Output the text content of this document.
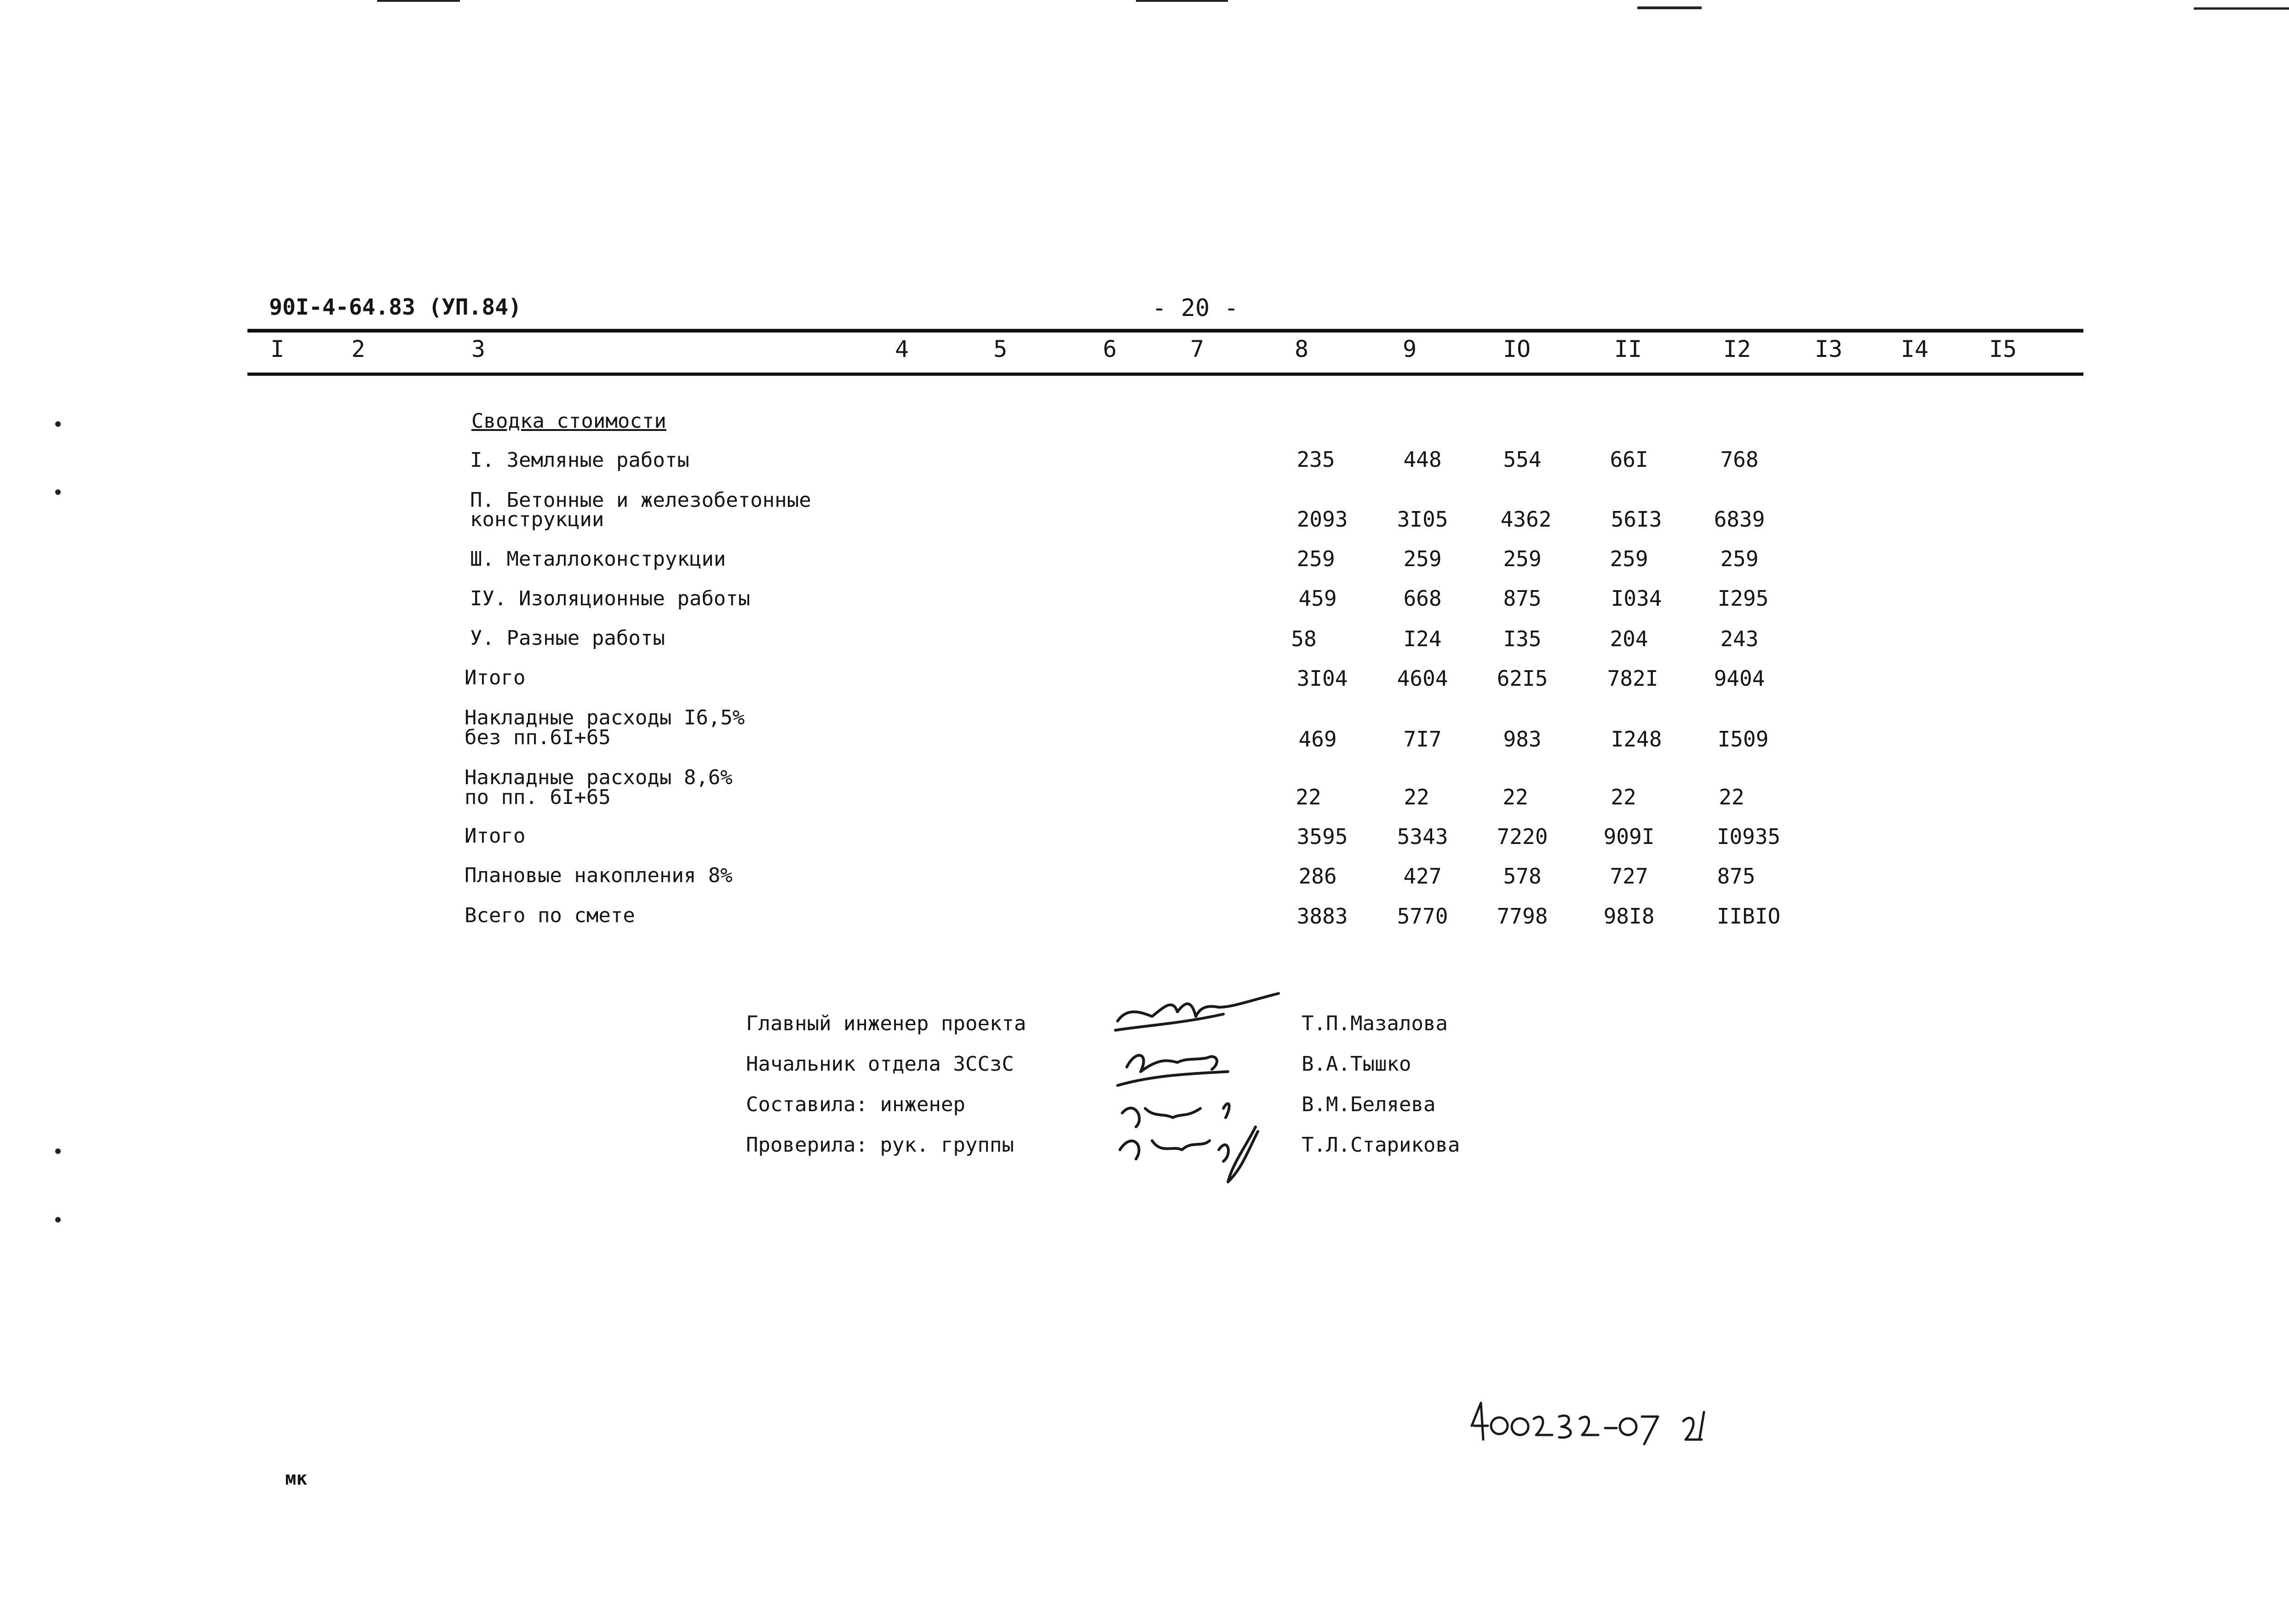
90I-4-64.83 (УП.84)	- 20 -
I	2	3	4	5	6	7	8	9	IO	II	I2	I3	I4	I5
Сводка стоимости
I. Земляные работы	235	448	554	66I	768
П. Бетонные и железобетонные
конструкции	2093	3I05	4362	56I3	6839
Ш. Металлоконструкции	259	259	259	259	259
IУ. Изоляционные работы	459	668	875	I034	I295
У. Разные работы	58	I24	I35	204	243
Итого	3I04	4604	62I5	782I	9404
Накладные расходы I6,5%
без пп.6I+65	469	7I7	983	I248	I509
Накладные расходы 8,6%
по пп. 6I+65	22	22	22	22	22
Итого	3595	5343	7220	909I	I0935
Плановые накопления 8%	286	427	578	727	875
Всего по смете	3883	5770	7798	98I8	IIBIO
Главный инженер проекта	Т.П.Мазалова
Начальник отдела ЗССзС	В.А.Тышко
Составила: инженер	В.М.Беляева
Проверила: рук. группы	Т.Л.Старикова
мк
